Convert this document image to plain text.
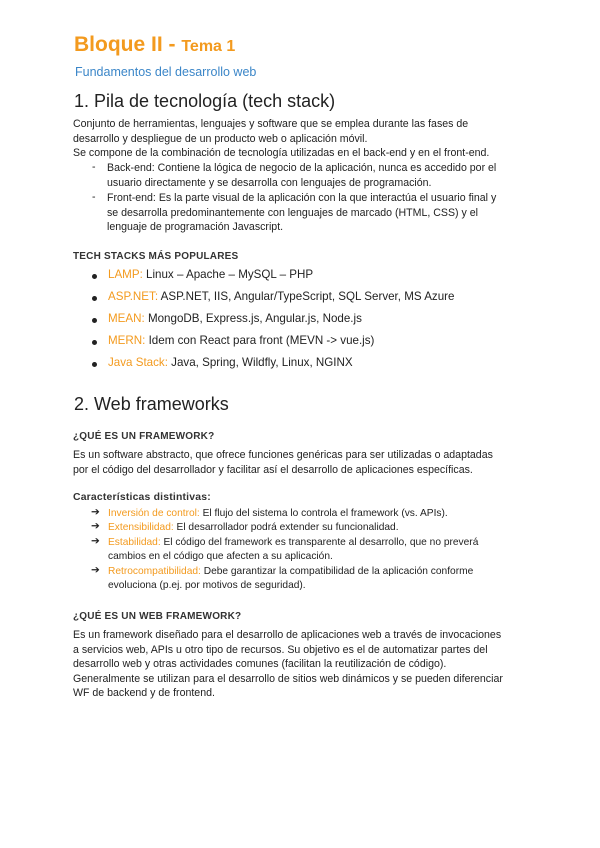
Bloque II - Tema 1
Fundamentos del desarrollo web
1. Pila de tecnología (tech stack)
Conjunto de herramientas, lenguajes y software que se emplea durante las fases de
desarrollo y despliegue de un producto web o aplicación móvil.
Se compone de la combinación de tecnología utilizadas en el back-end y en el front-end.
- Back-end: Contiene la lógica de negocio de la aplicación, nunca es accedido por el
usuario directamente y se desarrolla con lenguajes de programación.
- Front-end: Es la parte visual de la aplicación con la que interactúa el usuario final y
se desarrolla predominantemente con lenguajes de marcado (HTML, CSS) y el
lenguaje de programación Javascript.
TECH STACKS MÁS POPULARES
LAMP: Linux – Apache – MySQL – PHP
ASP.NET: ASP.NET, IIS, Angular/TypeScript, SQL Server, MS Azure
MEAN: MongoDB, Express.js, Angular.js, Node.js
MERN: Idem con React para front (MEVN -> vue.js)
Java Stack: Java, Spring, Wildfly, Linux, NGINX
2. Web frameworks
¿QUÉ ES UN FRAMEWORK?
Es un software abstracto, que ofrece funciones genéricas para ser utilizadas o adaptadas
por el código del desarrollador y facilitar así el desarrollo de aplicaciones específicas.
Características distintivas:
➔ Inversión de control: El flujo del sistema lo controla el framework (vs. APIs).
➔ Extensibilidad: El desarrollador podrá extender su funcionalidad.
➔ Estabilidad: El código del framework es transparente al desarrollo, que no preverá
cambios en el código que afecten a su aplicación.
➔ Retrocompatibilidad: Debe garantizar la compatibilidad de la aplicación conforme
evoluciona (p.ej. por motivos de seguridad).
¿QUÉ ES UN WEB FRAMEWORK?
Es un framework diseñado para el desarrollo de aplicaciones web a través de invocaciones
a servicios web, APIs u otro tipo de recursos. Su objetivo es el de automatizar partes del
desarrollo web y otras actividades comunes (facilitan la reutilización de código).
Generalmente se utilizan para el desarrollo de sitios web dinámicos y se pueden diferenciar
WF de backend y de frontend.
